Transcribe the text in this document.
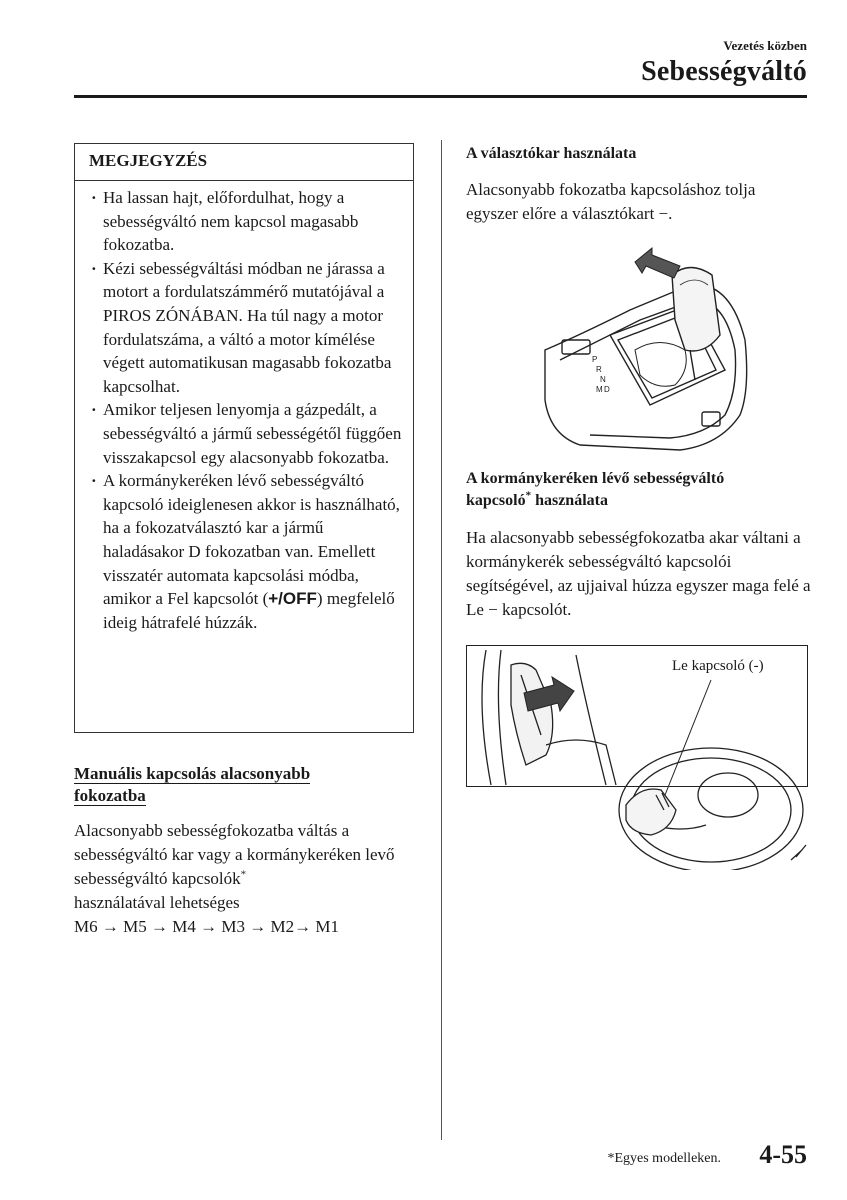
Vezetés közben
Sebességváltó
MEGJEGYZÉS
· Ha lassan hajt, előfordulhat, hogy a sebességváltó nem kapcsol magasabb fokozatba.
· Kézi sebességváltási módban ne járassa a motort a fordulatszámmérő mutatójával a PIROS ZÓNÁBAN. Ha túl nagy a motor fordulatszáma, a váltó a motor kímélése végett automatikusan magasabb fokozatba kapcsolhat.
· Amikor teljesen lenyomja a gázpedált, a sebességváltó a jármű sebességétől függően visszakapcsol egy alacsonyabb fokozatba.
· A kormánykeréken lévő sebességváltó kapcsoló ideiglenesen akkor is használható, ha a fokozatválasztó kar a jármű haladásakor D fokozatban van. Emellett visszatér automata kapcsolási módba, amikor a Fel kapcsolót (+/OFF) megfelelő ideig hátrafelé húzzák.
Manuális kapcsolás alacsonyabb fokozatba
Alacsonyabb sebességfokozatba váltás a sebességváltó kar vagy a kormánykeréken levő sebességváltó kapcsolók*
használatával lehetséges
M6 → M5 → M4 → M3 → M2→ M1
A választókar használata
Alacsonyabb fokozatba kapcsoláshoz tolja egyszer előre a választókart −.
P
R
N
D
M
A kormánykeréken lévő sebességváltó
kapcsoló* használata
Ha alacsonyabb sebességfokozatba akar váltani a kormánykerék sebességváltó kapcsolói segítségével, az ujjaival húzza egyszer maga felé a Le − kapcsolót.
Le kapcsoló (-)
*Egyes modelleken. 4-55
